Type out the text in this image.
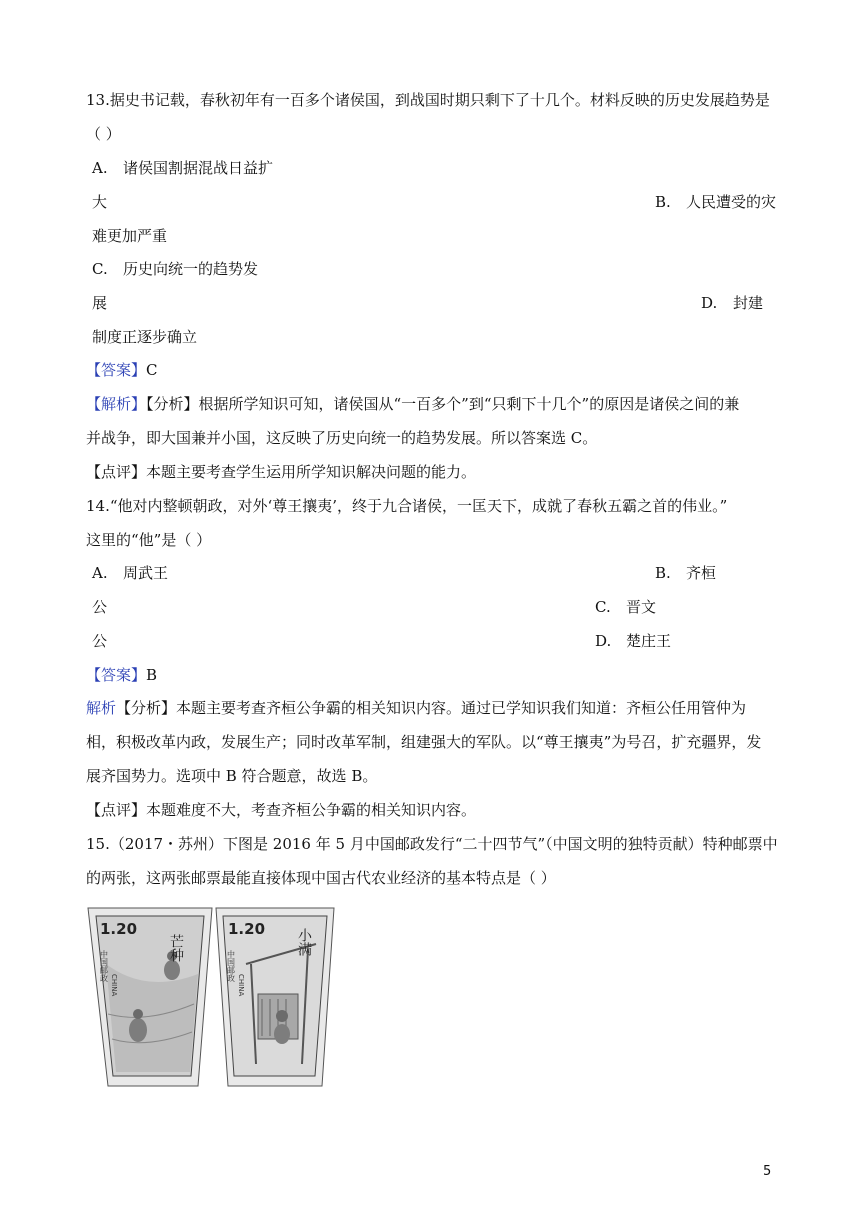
13.据史书记载，春秋初年有一百多个诸侯国，到战国时期只剩下了十几个。材料反映的历史发展趋势是
（ ）
A. 诸侯国割据混战日益扩
大	B. 人民遭受的灾
难更加严重
C. 历史向统一的趋势发
展	D. 封建
制度正逐步确立
【答案】C
【解析】【分析】根据所学知识可知，诸侯国从“一百多个”到“只剩下十几个”的原因是诸侯之间的兼
并战争，即大国兼并小国，这反映了历史向统一的趋势发展。所以答案选 C。
【点评】本题主要考查学生运用所学知识解决问题的能力。
14.“他对内整顿朝政，对外‘尊王攘夷’，终于九合诸侯，一匡天下，成就了春秋五霸之首的伟业。”
这里的“他”是（ ）
A. 周武王	B. 齐桓
公	C. 晋文
公	D. 楚庄王
【答案】B
解析【分析】本题主要考查齐桓公争霸的相关知识内容。通过已学知识我们知道：齐桓公任用管仲为
相，积极改革内政，发展生产；同时改革军制，组建强大的军队。以“尊王攘夷”为号召，扩充疆界，发
展齐国势力。选项中 B 符合题意，故选 B。
【点评】本题难度不大，考查齐桓公争霸的相关知识内容。
15.（2017・苏州）下图是 2016 年 5 月中国邮政发行“二十四节气”（中国文明的独特贡献）特种邮票中
的两张，这两张邮票最能直接体现中国古代农业经济的基本特点是（ ）
1.20
芒种
中国邮政
CHINA
1.20 小满
中国邮政
CHINA
5
